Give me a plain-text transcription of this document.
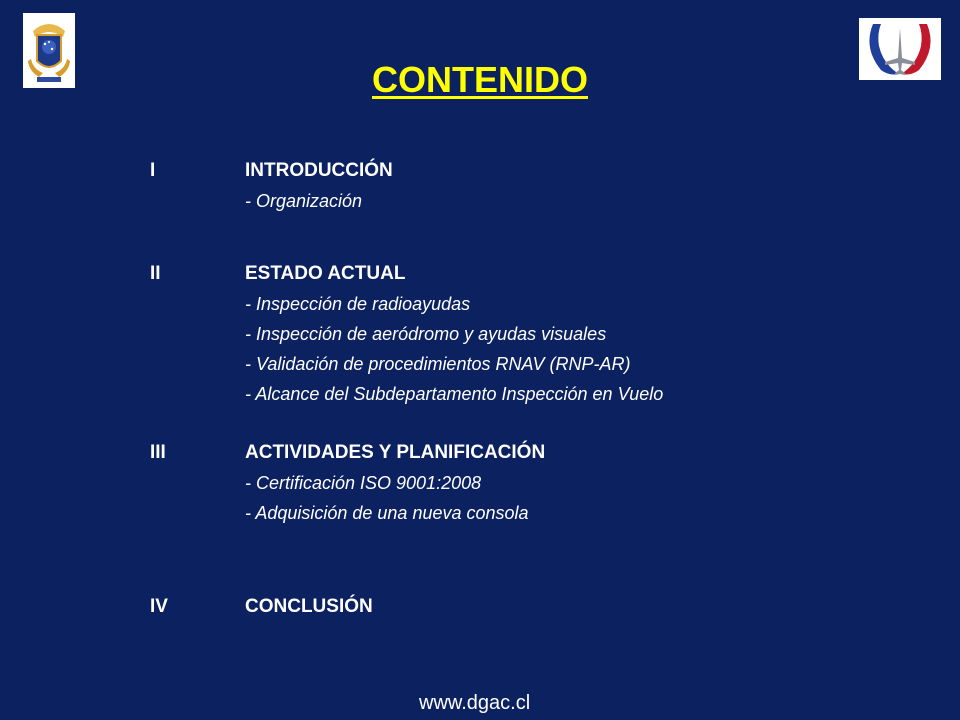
CONTENIDO
I	INTRODUCCIÓN
- Organización
II	ESTADO ACTUAL
- Inspección de radioayudas
- Inspección de aeródromo y ayudas visuales
- Validación de procedimientos RNAV (RNP-AR)
- Alcance del Subdepartamento Inspección en Vuelo
III	ACTIVIDADES Y PLANIFICACIÓN
- Certificación ISO 9001:2008
- Adquisición de una nueva consola
IV	CONCLUSIÓN
www.dgac.cl
